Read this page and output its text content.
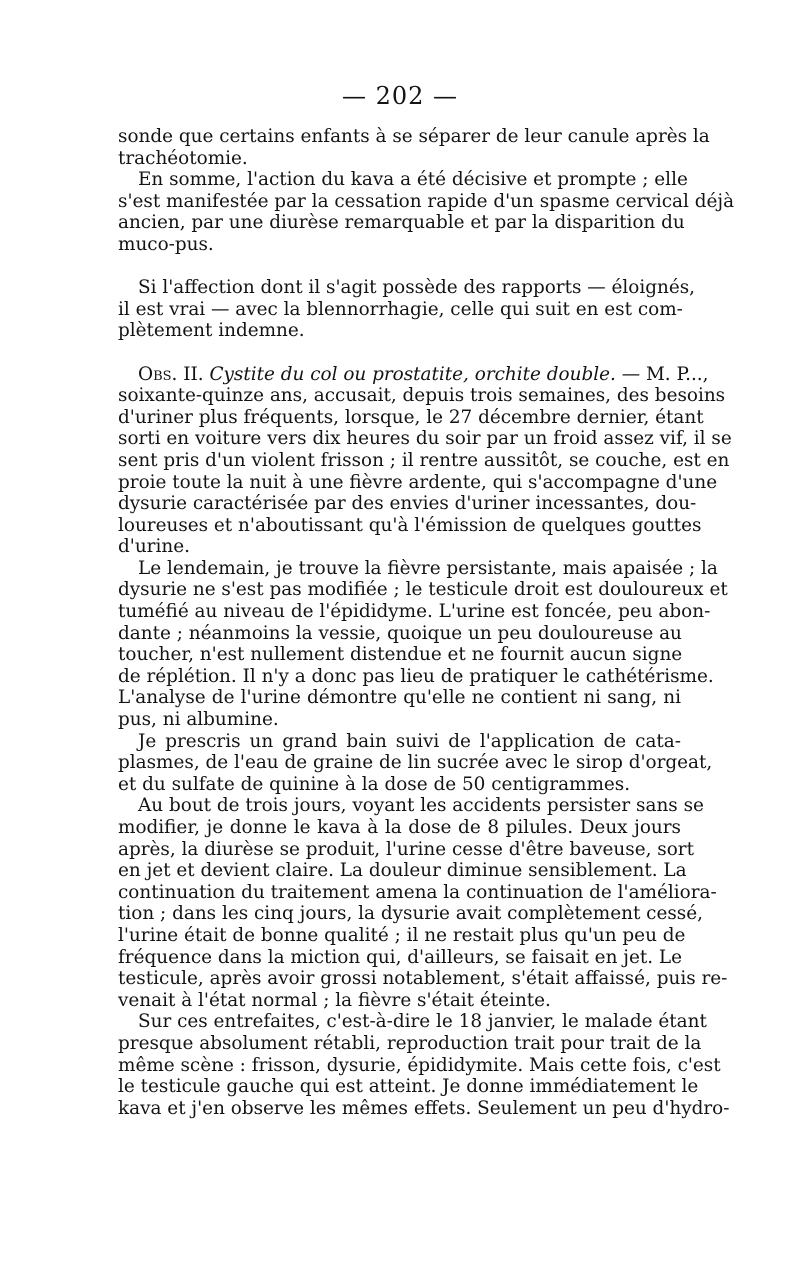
— 202 —
sonde que certains enfants à se séparer de leur canule après la
trachéotomie.
En somme, l'action du kava a été décisive et prompte ; elle
s'est manifestée par la cessation rapide d'un spasme cervical déjà
ancien, par une diurèse remarquable et par la disparition du
muco-pus.
Si l'affection dont il s'agit possède des rapports — éloignés,
il est vrai — avec la blennorrhagie, celle qui suit en est com-
plètement indemne.
Obs. II. Cystite du col ou prostatite, orchite double. — M. P...,
soixante-quinze ans, accusait, depuis trois semaines, des besoins
d'uriner plus fréquents, lorsque, le 27 décembre dernier, étant
sorti en voiture vers dix heures du soir par un froid assez vif, il se
sent pris d'un violent frisson ; il rentre aussitôt, se couche, est en
proie toute la nuit à une fièvre ardente, qui s'accompagne d'une
dysurie caractérisée par des envies d'uriner incessantes, dou-
loureuses et n'aboutissant qu'à l'émission de quelques gouttes
d'urine.
Le lendemain, je trouve la fièvre persistante, mais apaisée ; la
dysurie ne s'est pas modifiée ; le testicule droit est douloureux et
tuméfié au niveau de l'épididyme. L'urine est foncée, peu abon-
dante ; néanmoins la vessie, quoique un peu douloureuse au
toucher, n'est nullement distendue et ne fournit aucun signe
de réplétion. Il n'y a donc pas lieu de pratiquer le cathétérisme.
L'analyse de l'urine démontre qu'elle ne contient ni sang, ni
pus, ni albumine.
Je prescris un grand bain suivi de l'application de cata-
plasmes, de l'eau de graine de lin sucrée avec le sirop d'orgeat,
et du sulfate de quinine à la dose de 50 centigrammes.
Au bout de trois jours, voyant les accidents persister sans se
modifier, je donne le kava à la dose de 8 pilules. Deux jours
après, la diurèse se produit, l'urine cesse d'être baveuse, sort
en jet et devient claire. La douleur diminue sensiblement. La
continuation du traitement amena la continuation de l'améliora-
tion ; dans les cinq jours, la dysurie avait complètement cessé,
l'urine était de bonne qualité ; il ne restait plus qu'un peu de
fréquence dans la miction qui, d'ailleurs, se faisait en jet. Le
testicule, après avoir grossi notablement, s'était affaissé, puis re-
venait à l'état normal ; la fièvre s'était éteinte.
Sur ces entrefaites, c'est-à-dire le 18 janvier, le malade étant
presque absolument rétabli, reproduction trait pour trait de la
même scène : frisson, dysurie, épididymite. Mais cette fois, c'est
le testicule gauche qui est atteint. Je donne immédiatement le
kava et j'en observe les mêmes effets. Seulement un peu d'hydro-
